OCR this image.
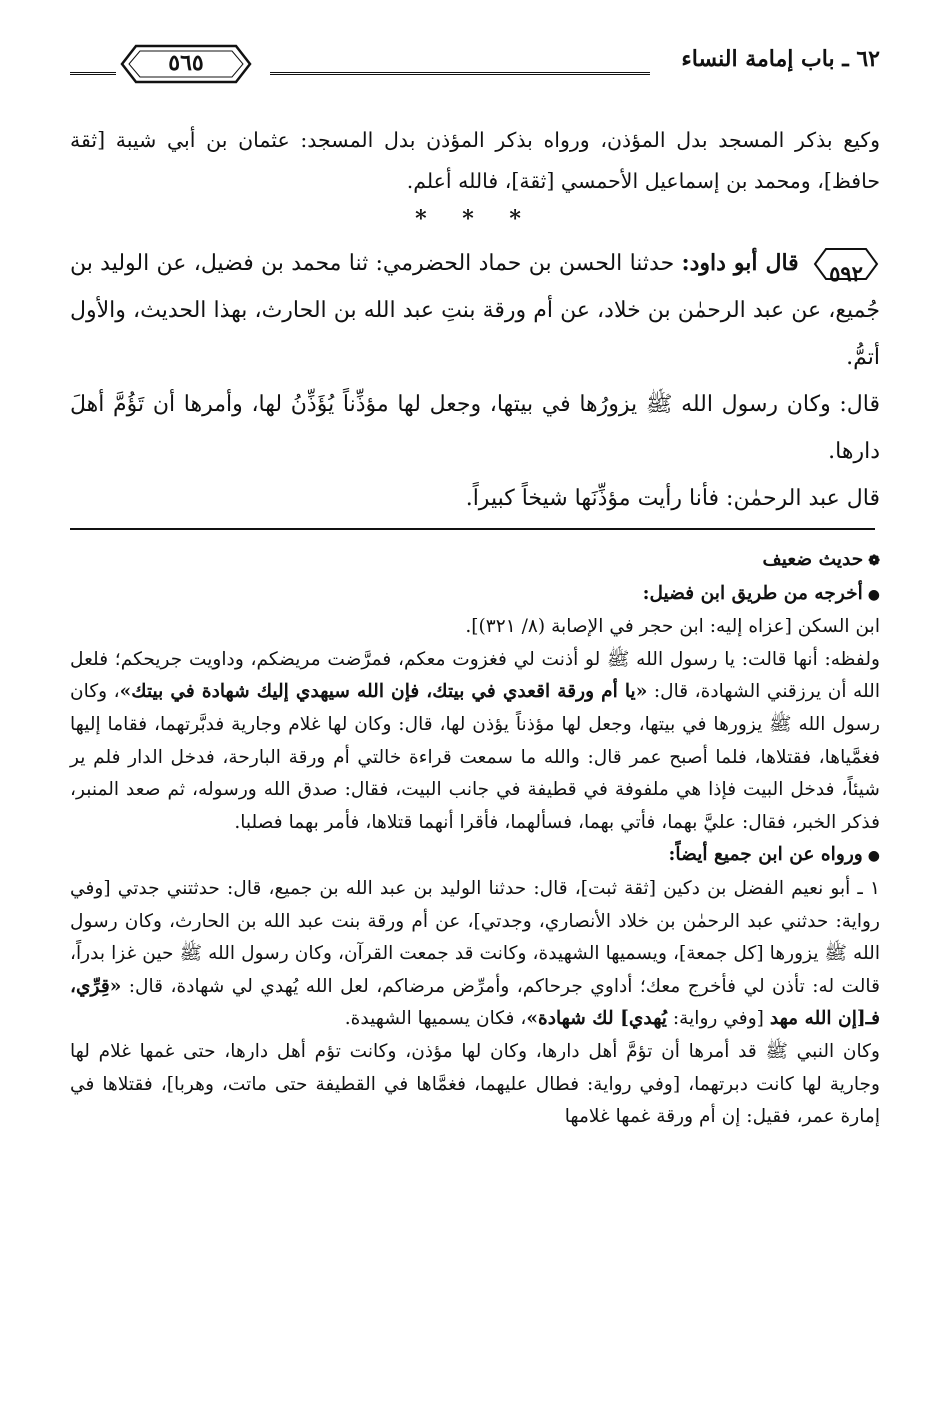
٦٢ ـ باب إمامة النساء
٥٦٥

وكيع بذكر المسجد بدل المؤذن، ورواه بذكر المؤذن بدل المسجد: عثمان بن أبي شيبة [ثقة حافظ]، ومحمد بن إسماعيل الأحمسي [ثقة]، فالله أعلم.

* * *

٥٩٢
قال أبو داود: حدثنا الحسن بن حماد الحضرمي: ثنا محمد بن فضيل، عن الوليد بن جُميع، عن عبد الرحمٰن بن خلاد، عن أم ورقة بنتِ عبد الله بن الحارث، بهذا الحديث، والأول أتمُّ.

قال: وكان رسول الله ﷺ يزورُها في بيتها، وجعل لها مؤذِّناً يُؤَذِّنُ لها، وأمرها أن تَؤُمَّ أهلَ دارها.

قال عبد الرحمٰن: فأنا رأيت مؤذِّنَها شيخاً كبيراً.

❁حديث ضعيف

●أخرجه من طريق ابن فضيل:

ابن السكن [عزاه إليه: ابن حجر في الإصابة (٨/ ٣٢١)].

ولفظه: أنها قالت: يا رسول الله ﷺ لو أذنت لي فغزوت معكم، فمرَّضت مريضكم، وداويت جريحكم؛ فلعل الله أن يرزقني الشهادة، قال: «يا أم ورقة اقعدي في بيتك، فإن الله سيهدي إليك شهادة في بيتك»، وكان رسول الله ﷺ يزورها في بيتها، وجعل لها مؤذناً يؤذن لها، قال: وكان لها غلام وجارية فدبَّرتهما، فقاما إليها فغمَّياها، فقتلاها، فلما أصبح عمر قال: والله ما سمعت قراءة خالتي أم ورقة البارحة، فدخل الدار فلم ير شيئاً، فدخل البيت فإذا هي ملفوفة في قطيفة في جانب البيت، فقال: صدق الله ورسوله، ثم صعد المنبر، فذكر الخبر، فقال: عليَّ بهما، فأتي بهما، فسألهما، فأقرا أنهما قتلاها، فأمر بهما فصلبا.

●ورواه عن ابن جميع أيضاً:

١ ـ أبو نعيم الفضل بن دكين [ثقة ثبت]، قال: حدثنا الوليد بن عبد الله بن جميع، قال: حدثتني جدتي [وفي رواية: حدثني عبد الرحمٰن بن خلاد الأنصاري، وجدتي]، عن أم ورقة بنت عبد الله بن الحارث، وكان رسول الله ﷺ يزورها [كل جمعة]، ويسميها الشهيدة، وكانت قد جمعت القرآن، وكان رسول الله ﷺ حين غزا بدراً، قالت له: تأذن لي فأخرج معك؛ أداوي جرحاكم، وأمرِّض مرضاكم، لعل الله يُهدي لي شهادة، قال: «قِرِّي، فـ[إن الله مهد [وفي رواية: يُهدي] لك شهادة»، فكان يسميها الشهيدة.

وكان النبي ﷺ قد أمرها أن تؤمَّ أهل دارها، وكان لها مؤذن، وكانت تؤم أهل دارها، حتى غمها غلام لها وجارية لها كانت دبرتهما، [وفي رواية: فطال عليهما، فغمَّاها في القطيفة حتى ماتت، وهربا]، فقتلاها في إمارة عمر، فقيل: إن أم ورقة غمها غلامها
